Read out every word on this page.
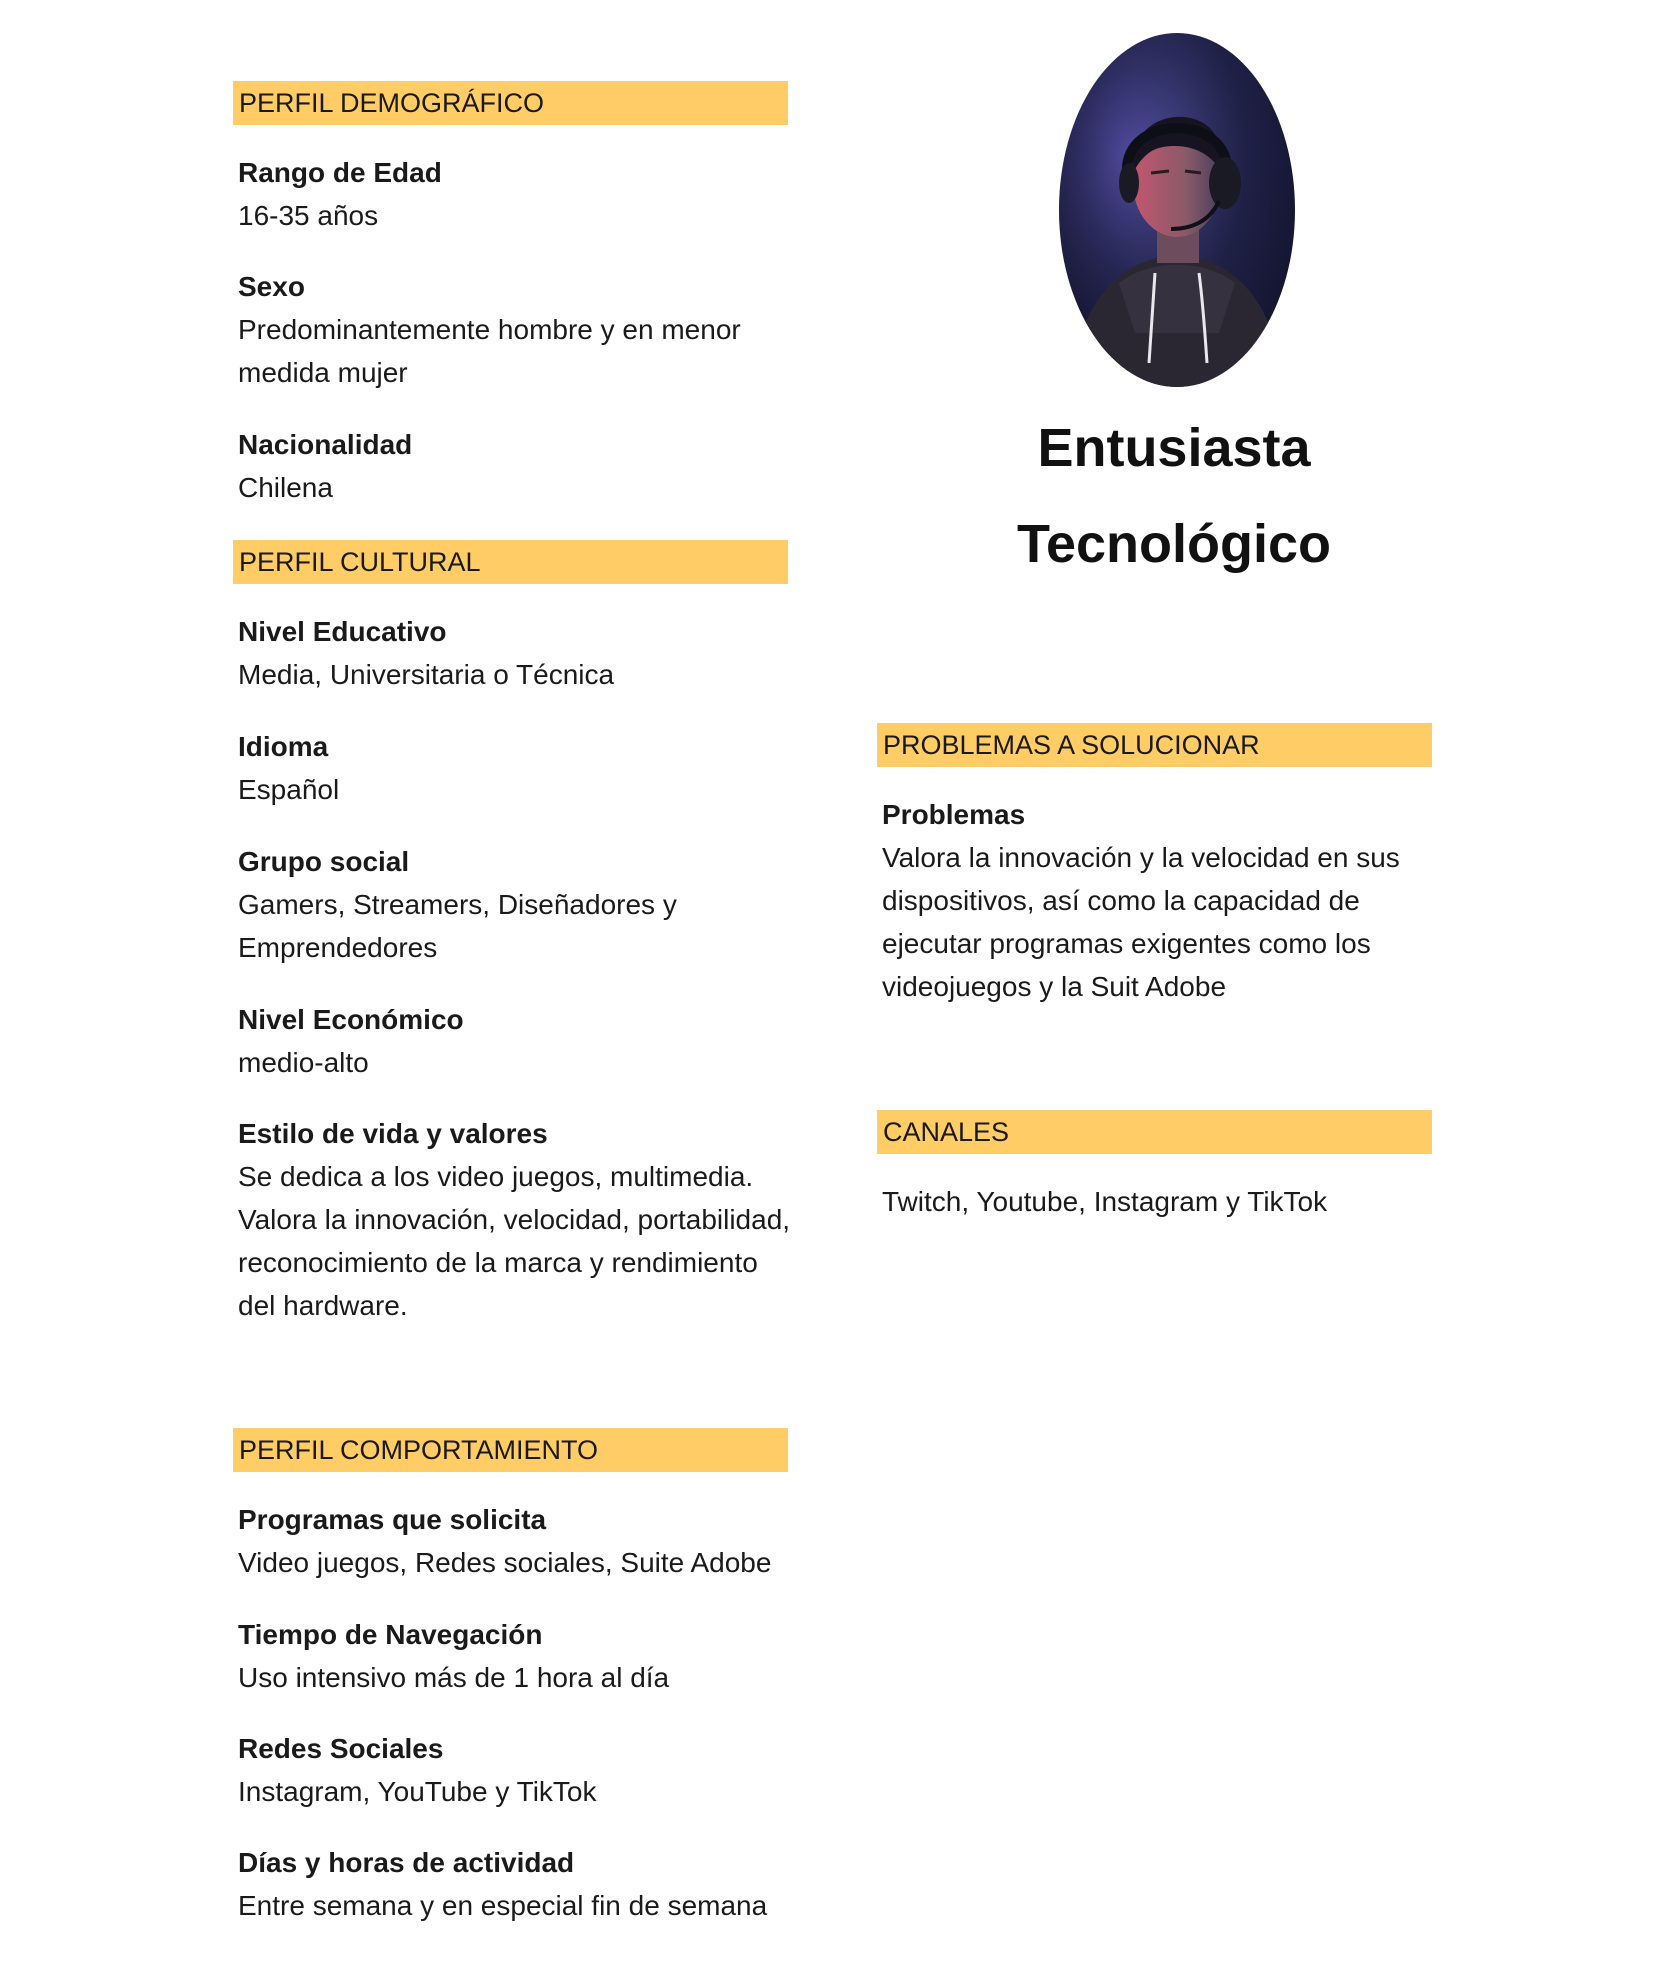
PERFIL DEMOGRÁFICO
Rango de Edad
16-35 años
Sexo
Predominantemente hombre y en menor medida mujer
Nacionalidad
Chilena
PERFIL CULTURAL
Nivel Educativo
Media, Universitaria o Técnica
Idioma
Español
Grupo social
Gamers, Streamers, Diseñadores y Emprendedores
Nivel Económico
medio-alto
Estilo de vida y valores
Se dedica a los video juegos, multimedia. Valora la innovación, velocidad, portabilidad, reconocimiento de la marca y rendimiento del hardware.
PERFIL COMPORTAMIENTO
Programas que solicita
Video juegos, Redes sociales, Suite Adobe
Tiempo de Navegación
Uso intensivo más de 1 hora al día
Redes Sociales
Instagram, YouTube y TikTok
Días y horas de actividad
Entre semana y en especial fin de semana
Entusiasta
Tecnológico
PROBLEMAS A SOLUCIONAR
Problemas
Valora la innovación y la velocidad en sus dispositivos, así como la capacidad de ejecutar programas exigentes como los videojuegos y la Suit Adobe
CANALES
Twitch, Youtube, Instagram y TikTok
